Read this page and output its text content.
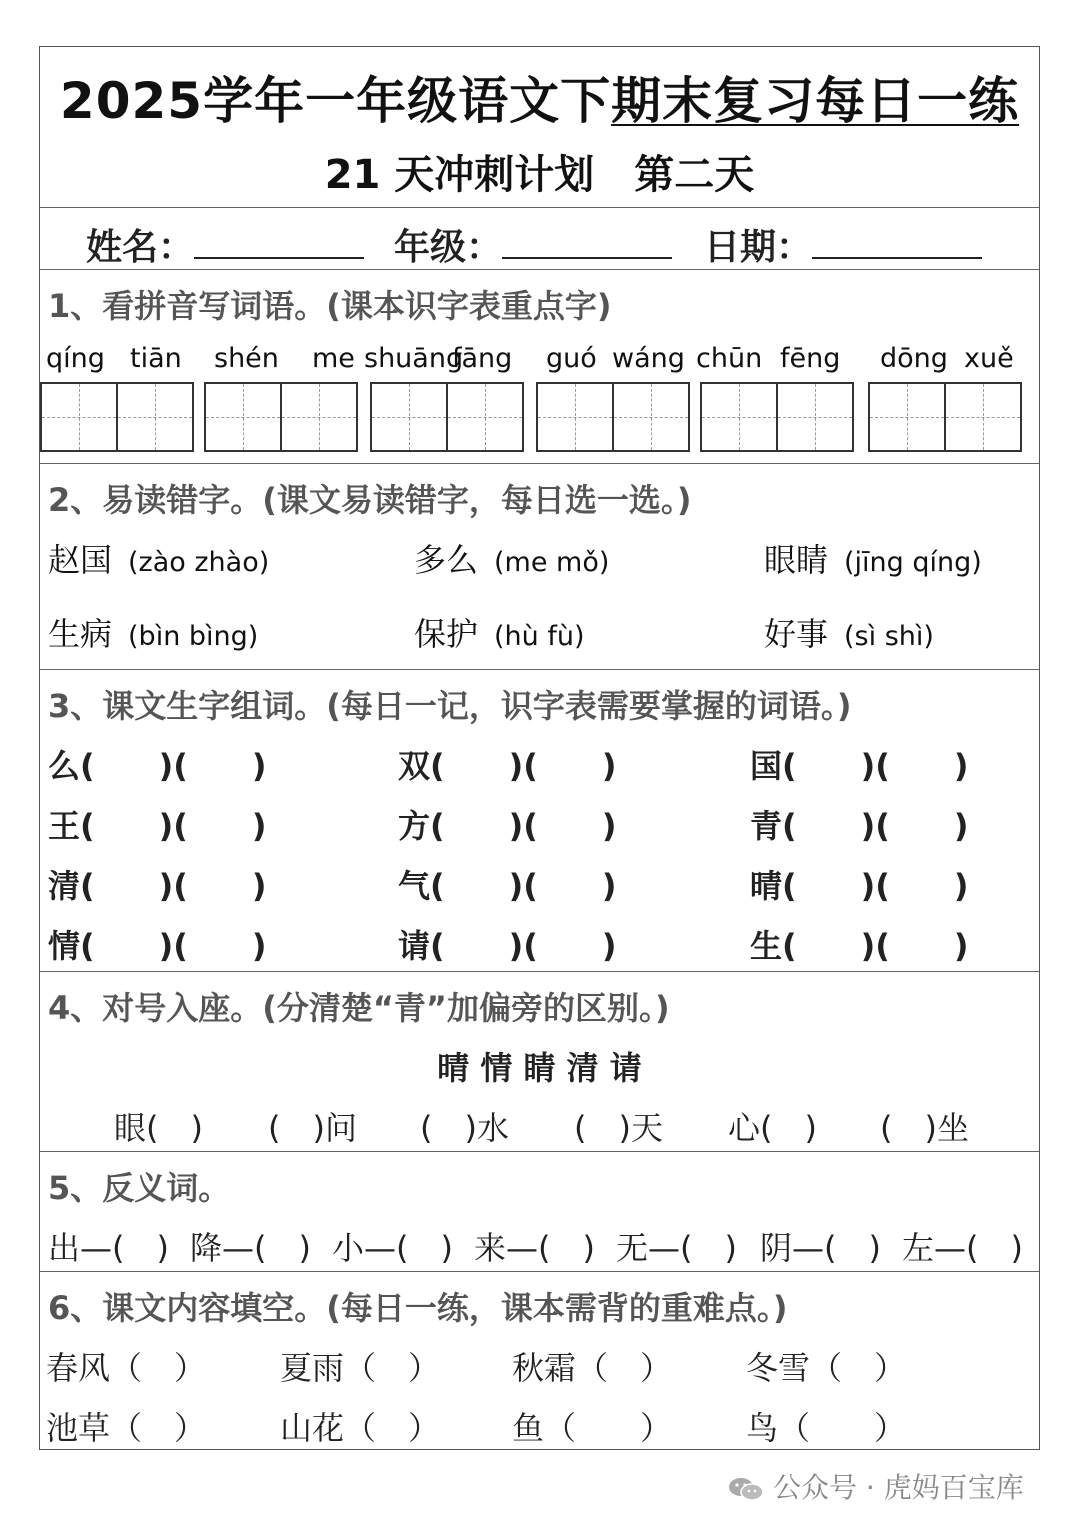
2025学年一年级语文下期末复习每日一练
21 天冲刺计划　第二天
姓名：	年级：	日期：
1、看拼音写词语。(课本识字表重点字)
qíng tiān shén me shuāng
fāng guó wáng chūn fēng dōng xuě
2、易读错字。(课文易读错字，每日选一选。)
赵国 (zào zhào)	多么 (me mǒ)	眼睛 (jīng qíng)
生病 (bìn bìng)	保护 (hù fù)	好事 (sì shì)
3、课文生字组词。(每日一记，识字表需要掌握的词语。)
么(　　)(　　)	双(　　)(　　)	国(　　)(　　)
王(　　)(　　)	方(　　)(　　)	青(　　)(　　)
清(　　)(　　)	气(　　)(　　)	晴(　　)(　　)
情(　　)(　　)	请(　　)(　　)	生(　　)(　　)
4、对号入座。(分清楚“青”加偏旁的区别。)
晴 情 睛 清 请
眼(　) (　)问 (　)水 (　)天 心(　) (　)坐
5、反义词。
出—(　) 降—(　) 小—(　) 来—(　) 无—(　) 阴—(　) 左—(　)
6、课文内容填空。(每日一练，课本需背的重难点。)
春风（　） 夏雨（　） 秋霜（　） 冬雪（　）
池草（　） 山花（　） 鱼（　　） 鸟（　　）
公众号 · 虎妈百宝库
